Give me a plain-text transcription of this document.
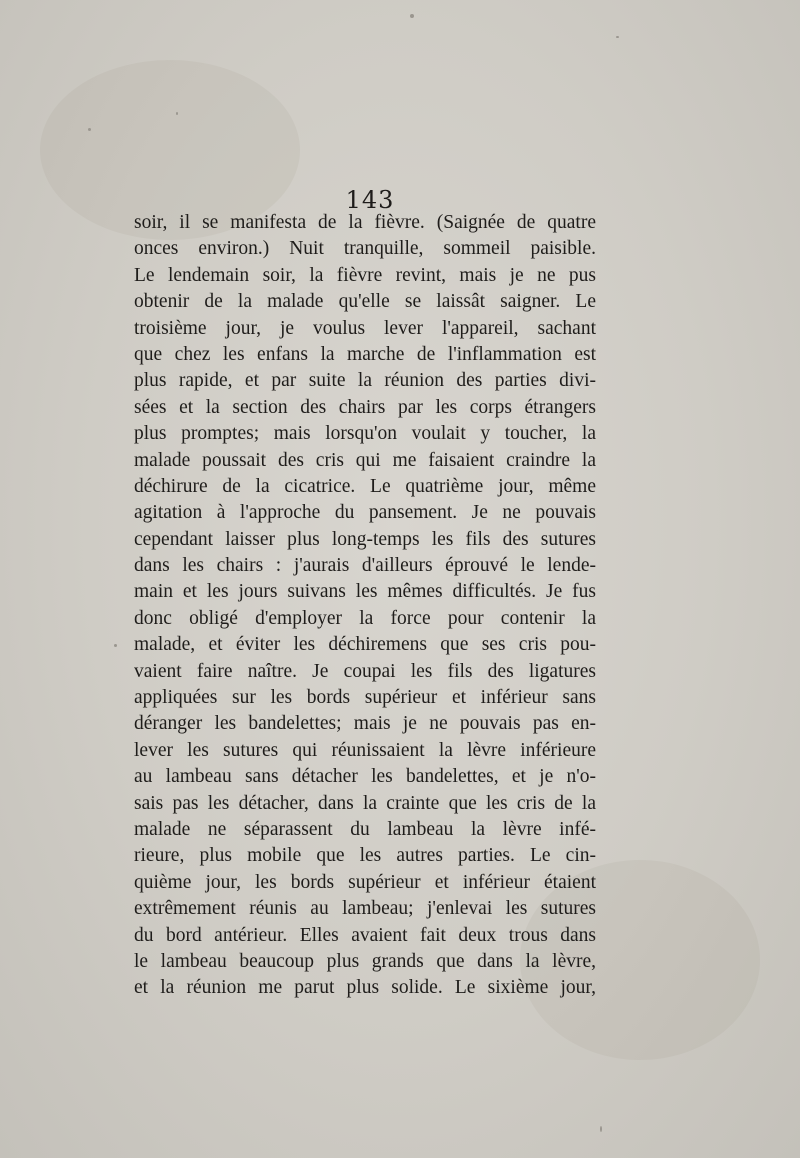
143
soir, il se manifesta de la fièvre. (Saignée de quatre
onces environ.) Nuit tranquille, sommeil paisible.
Le lendemain soir, la fièvre revint, mais je ne pus
obtenir de la malade qu'elle se laissât saigner. Le
troisième jour, je voulus lever l'appareil, sachant
que chez les enfans la marche de l'inflammation est
plus rapide, et par suite la réunion des parties divi-
sées et la section des chairs par les corps étrangers
plus promptes; mais lorsqu'on voulait y toucher, la
malade poussait des cris qui me faisaient craindre la
déchirure de la cicatrice. Le quatrième jour, même
agitation à l'approche du pansement. Je ne pouvais
cependant laisser plus long-temps les fils des sutures
dans les chairs : j'aurais d'ailleurs éprouvé le lende-
main et les jours suivans les mêmes difficultés. Je fus
donc obligé d'employer la force pour contenir la
malade, et éviter les déchiremens que ses cris pou-
vaient faire naître. Je coupai les fils des ligatures
appliquées sur les bords supérieur et inférieur sans
déranger les bandelettes; mais je ne pouvais pas en-
lever les sutures qui réunissaient la lèvre inférieure
au lambeau sans détacher les bandelettes, et je n'o-
sais pas les détacher, dans la crainte que les cris de la
malade ne séparassent du lambeau la lèvre infé-
rieure, plus mobile que les autres parties. Le cin-
quième jour, les bords supérieur et inférieur étaient
extrêmement réunis au lambeau; j'enlevai les sutures
du bord antérieur. Elles avaient fait deux trous dans
le lambeau beaucoup plus grands que dans la lèvre,
et la réunion me parut plus solide. Le sixième jour,
